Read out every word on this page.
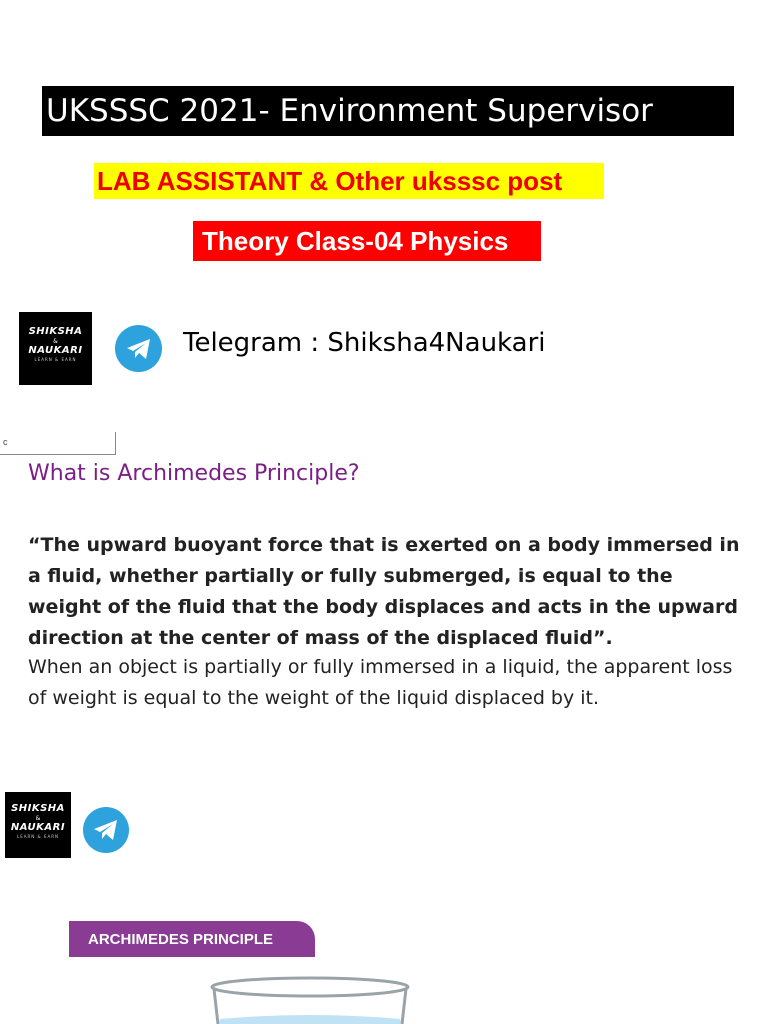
UKSSSC 2021- Environment Supervisor
LAB ASSISTANT & Other uksssc post
Theory Class-04 Physics
SHIKSHA
&
NAUKARI
LEARN & EARN
Telegram : Shiksha4Naukari
c
What is Archimedes Principle?
“The upward buoyant force that is exerted on a body immersed in a fluid, whether partially or fully submerged, is equal to the weight of the fluid that the body displaces and acts in the upward direction at the center of mass of the displaced fluid”.
When an object is partially or fully immersed in a liquid, the apparent loss of weight is equal to the weight of the liquid displaced by it.
SHIKSHA
&
NAUKARI
LEARN & EARN
ARCHIMEDES PRINCIPLE
